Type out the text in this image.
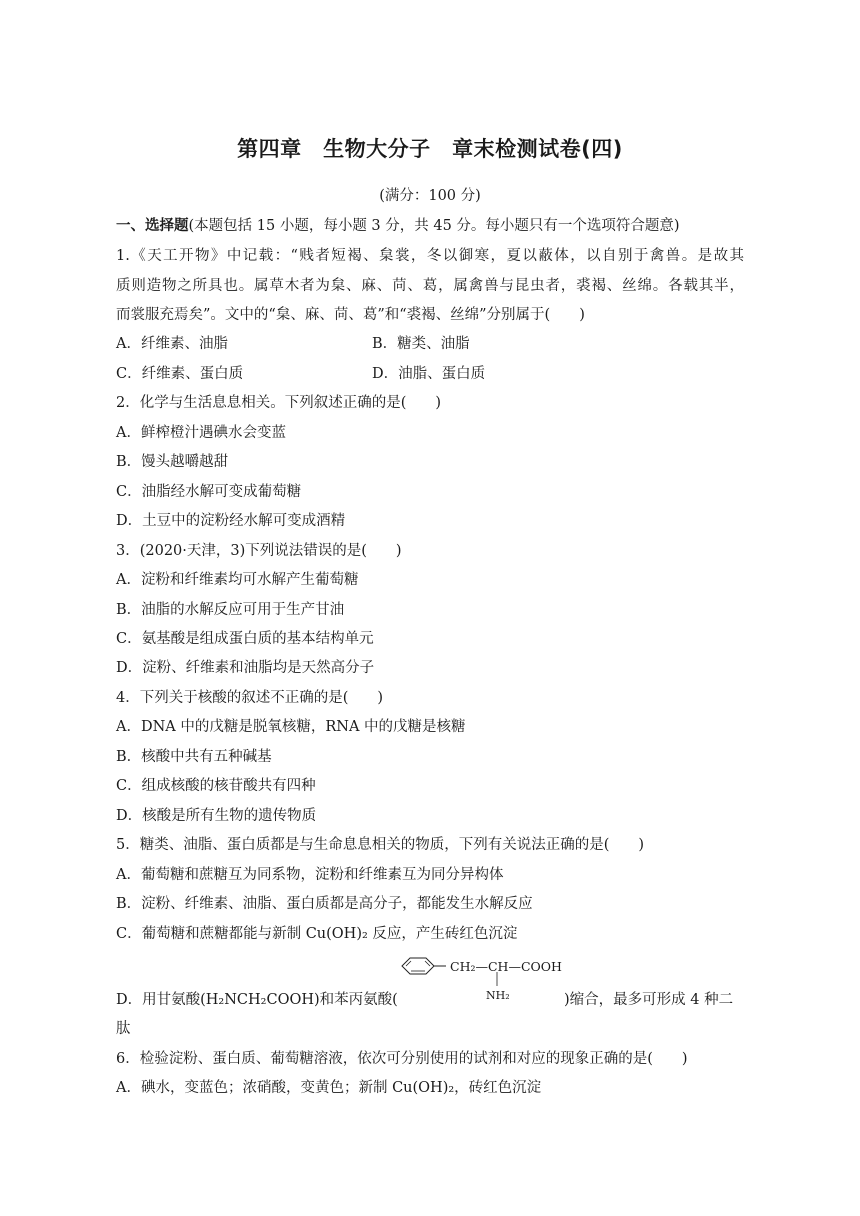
第四章　生物大分子　章末检测试卷(四)
(满分：100 分)
一、选择题(本题包括 15 小题，每小题 3 分，共 45 分。每小题只有一个选项符合题意)
1.《天工开物》中记载：“贱者短褐、枲裳，冬以御寒，夏以蔽体，以自别于禽兽。是故其
质则造物之所具也。属草木者为枲、麻、苘、葛，属禽兽与昆虫者，裘褐、丝绵。各载其半，
而裳服充焉矣”。文中的“枲、麻、苘、葛”和“裘褐、丝绵”分别属于(　　)
A．纤维素、油脂	B．糖类、油脂
C．纤维素、蛋白质	D．油脂、蛋白质
2．化学与生活息息相关。下列叙述正确的是(　　)
A．鲜榨橙汁遇碘水会变蓝
B．馒头越嚼越甜
C．油脂经水解可变成葡萄糖
D．土豆中的淀粉经水解可变成酒精
3．(2020·天津，3)下列说法错误的是(　　)
A．淀粉和纤维素均可水解产生葡萄糖
B．油脂的水解反应可用于生产甘油
C．氨基酸是组成蛋白质的基本结构单元
D．淀粉、纤维素和油脂均是天然高分子
4．下列关于核酸的叙述不正确的是(　　)
A．DNA 中的戊糖是脱氧核糖，RNA 中的戊糖是核糖
B．核酸中共有五种碱基
C．组成核酸的核苷酸共有四种
D．核酸是所有生物的遗传物质
5．糖类、油脂、蛋白质都是与生命息息相关的物质，下列有关说法正确的是(　　)
A．葡萄糖和蔗糖互为同系物，淀粉和纤维素互为同分异构体
B．淀粉、纤维素、油脂、蛋白质都是高分子，都能发生水解反应
C．葡萄糖和蔗糖都能与新制 Cu(OH)₂ 反应，产生砖红色沉淀
CH₂—CH—COOH
NH₂
D．用甘氨酸(H₂NCH₂COOH)和苯丙氨酸(	)缩合，最多可形成 4 种二
肽
6．检验淀粉、蛋白质、葡萄糖溶液，依次可分别使用的试剂和对应的现象正确的是(　　)
A．碘水，变蓝色；浓硝酸，变黄色；新制 Cu(OH)₂，砖红色沉淀
